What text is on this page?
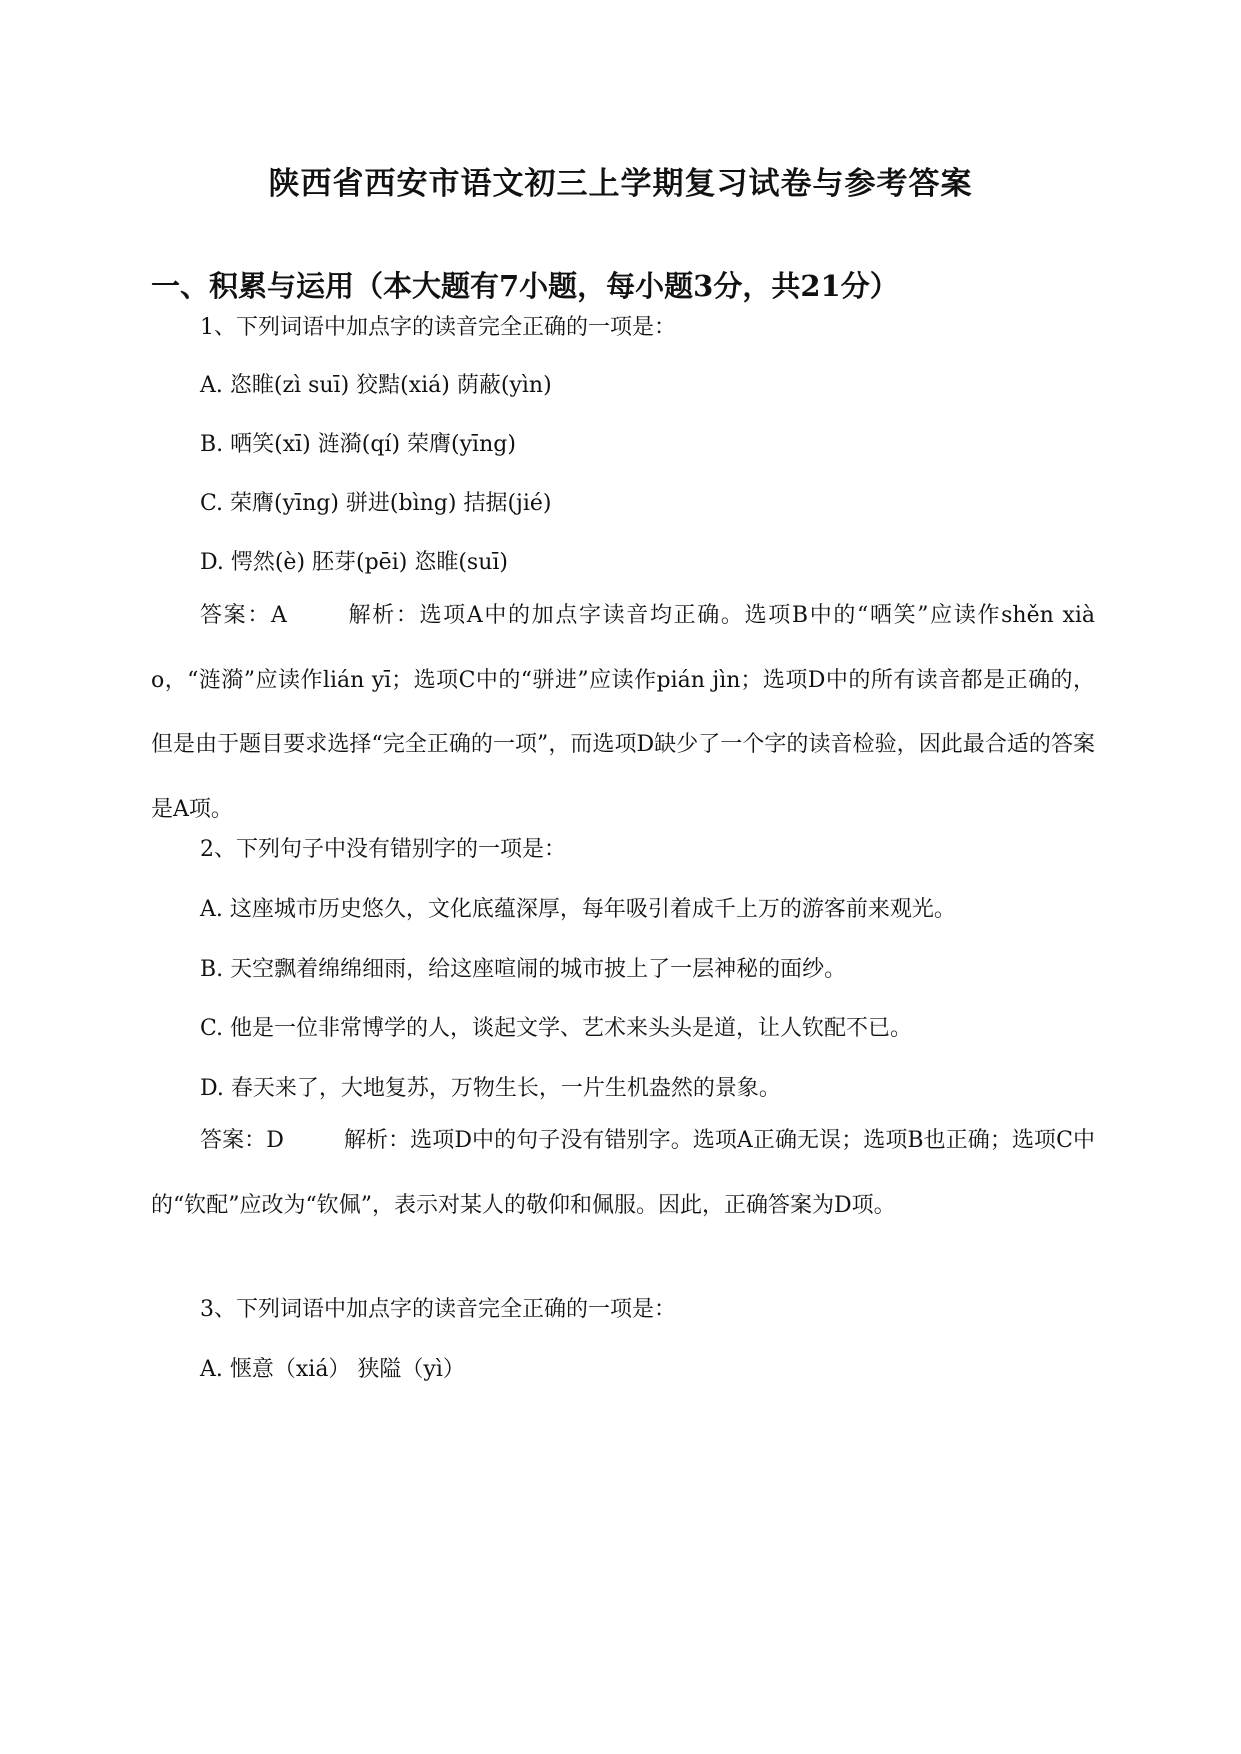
陕西省西安市语文初三上学期复习试卷与参考答案
一、积累与运用（本大题有7小题，每小题3分，共21分）
1、下列词语中加点字的读音完全正确的一项是：
A. 恣睢(zì suī) 狡黠(xiá) 荫蔽(yìn)
B. 哂笑(xī) 涟漪(qí) 荣膺(yīng)
C. 荣膺(yīng) 骈进(bìng) 拮据(jié)
D. 愕然(è) 胚芽(pēi) 恣睢(suī)
答案：A	解析：选项A中的加点字读音均正确。选项B中的“哂笑”应读作shěn xiào，“涟漪”应读作lián yī；选项C中的“骈进”应读作pián jìn；选项D中的所有读音都是正确的，但是由于题目要求选择“完全正确的一项”，而选项D缺少了一个字的读音检验，因此最合适的答案是A项。
2、下列句子中没有错别字的一项是：
A. 这座城市历史悠久，文化底蕴深厚，每年吸引着成千上万的游客前来观光。
B. 天空飘着绵绵细雨，给这座喧闹的城市披上了一层神秘的面纱。
C. 他是一位非常博学的人，谈起文学、艺术来头头是道，让人钦配不已。
D. 春天来了，大地复苏，万物生长，一片生机盎然的景象。
答案：D	解析：选项D中的句子没有错别字。选项A正确无误；选项B也正确；选项C中的“钦配”应改为“钦佩”，表示对某人的敬仰和佩服。因此，正确答案为D项。
3、下列词语中加点字的读音完全正确的一项是：
A. 惬意（xiá） 狭隘（yì）
